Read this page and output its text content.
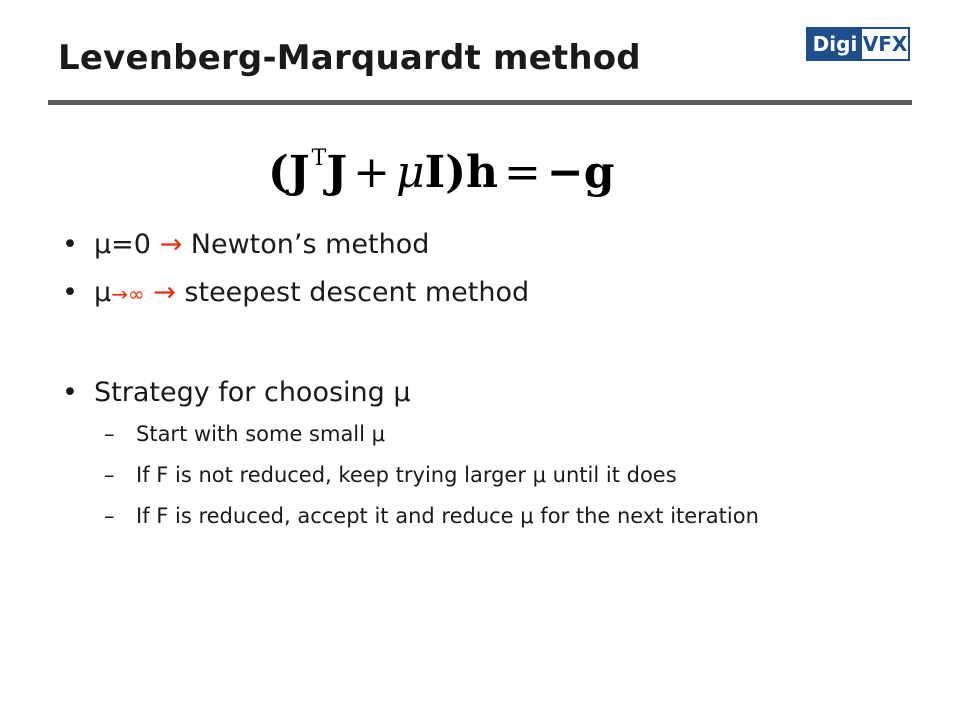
Levenberg-Marquardt method	Digi VFX
$(J^TJ + \mu I)h = -g$
• μ=0 → Newton’s method
• μ→∞ → steepest descent method
• Strategy for choosing μ
– Start with some small μ
– If F is not reduced, keep trying larger μ until it does
– If F is reduced, accept it and reduce μ for the next iteration
